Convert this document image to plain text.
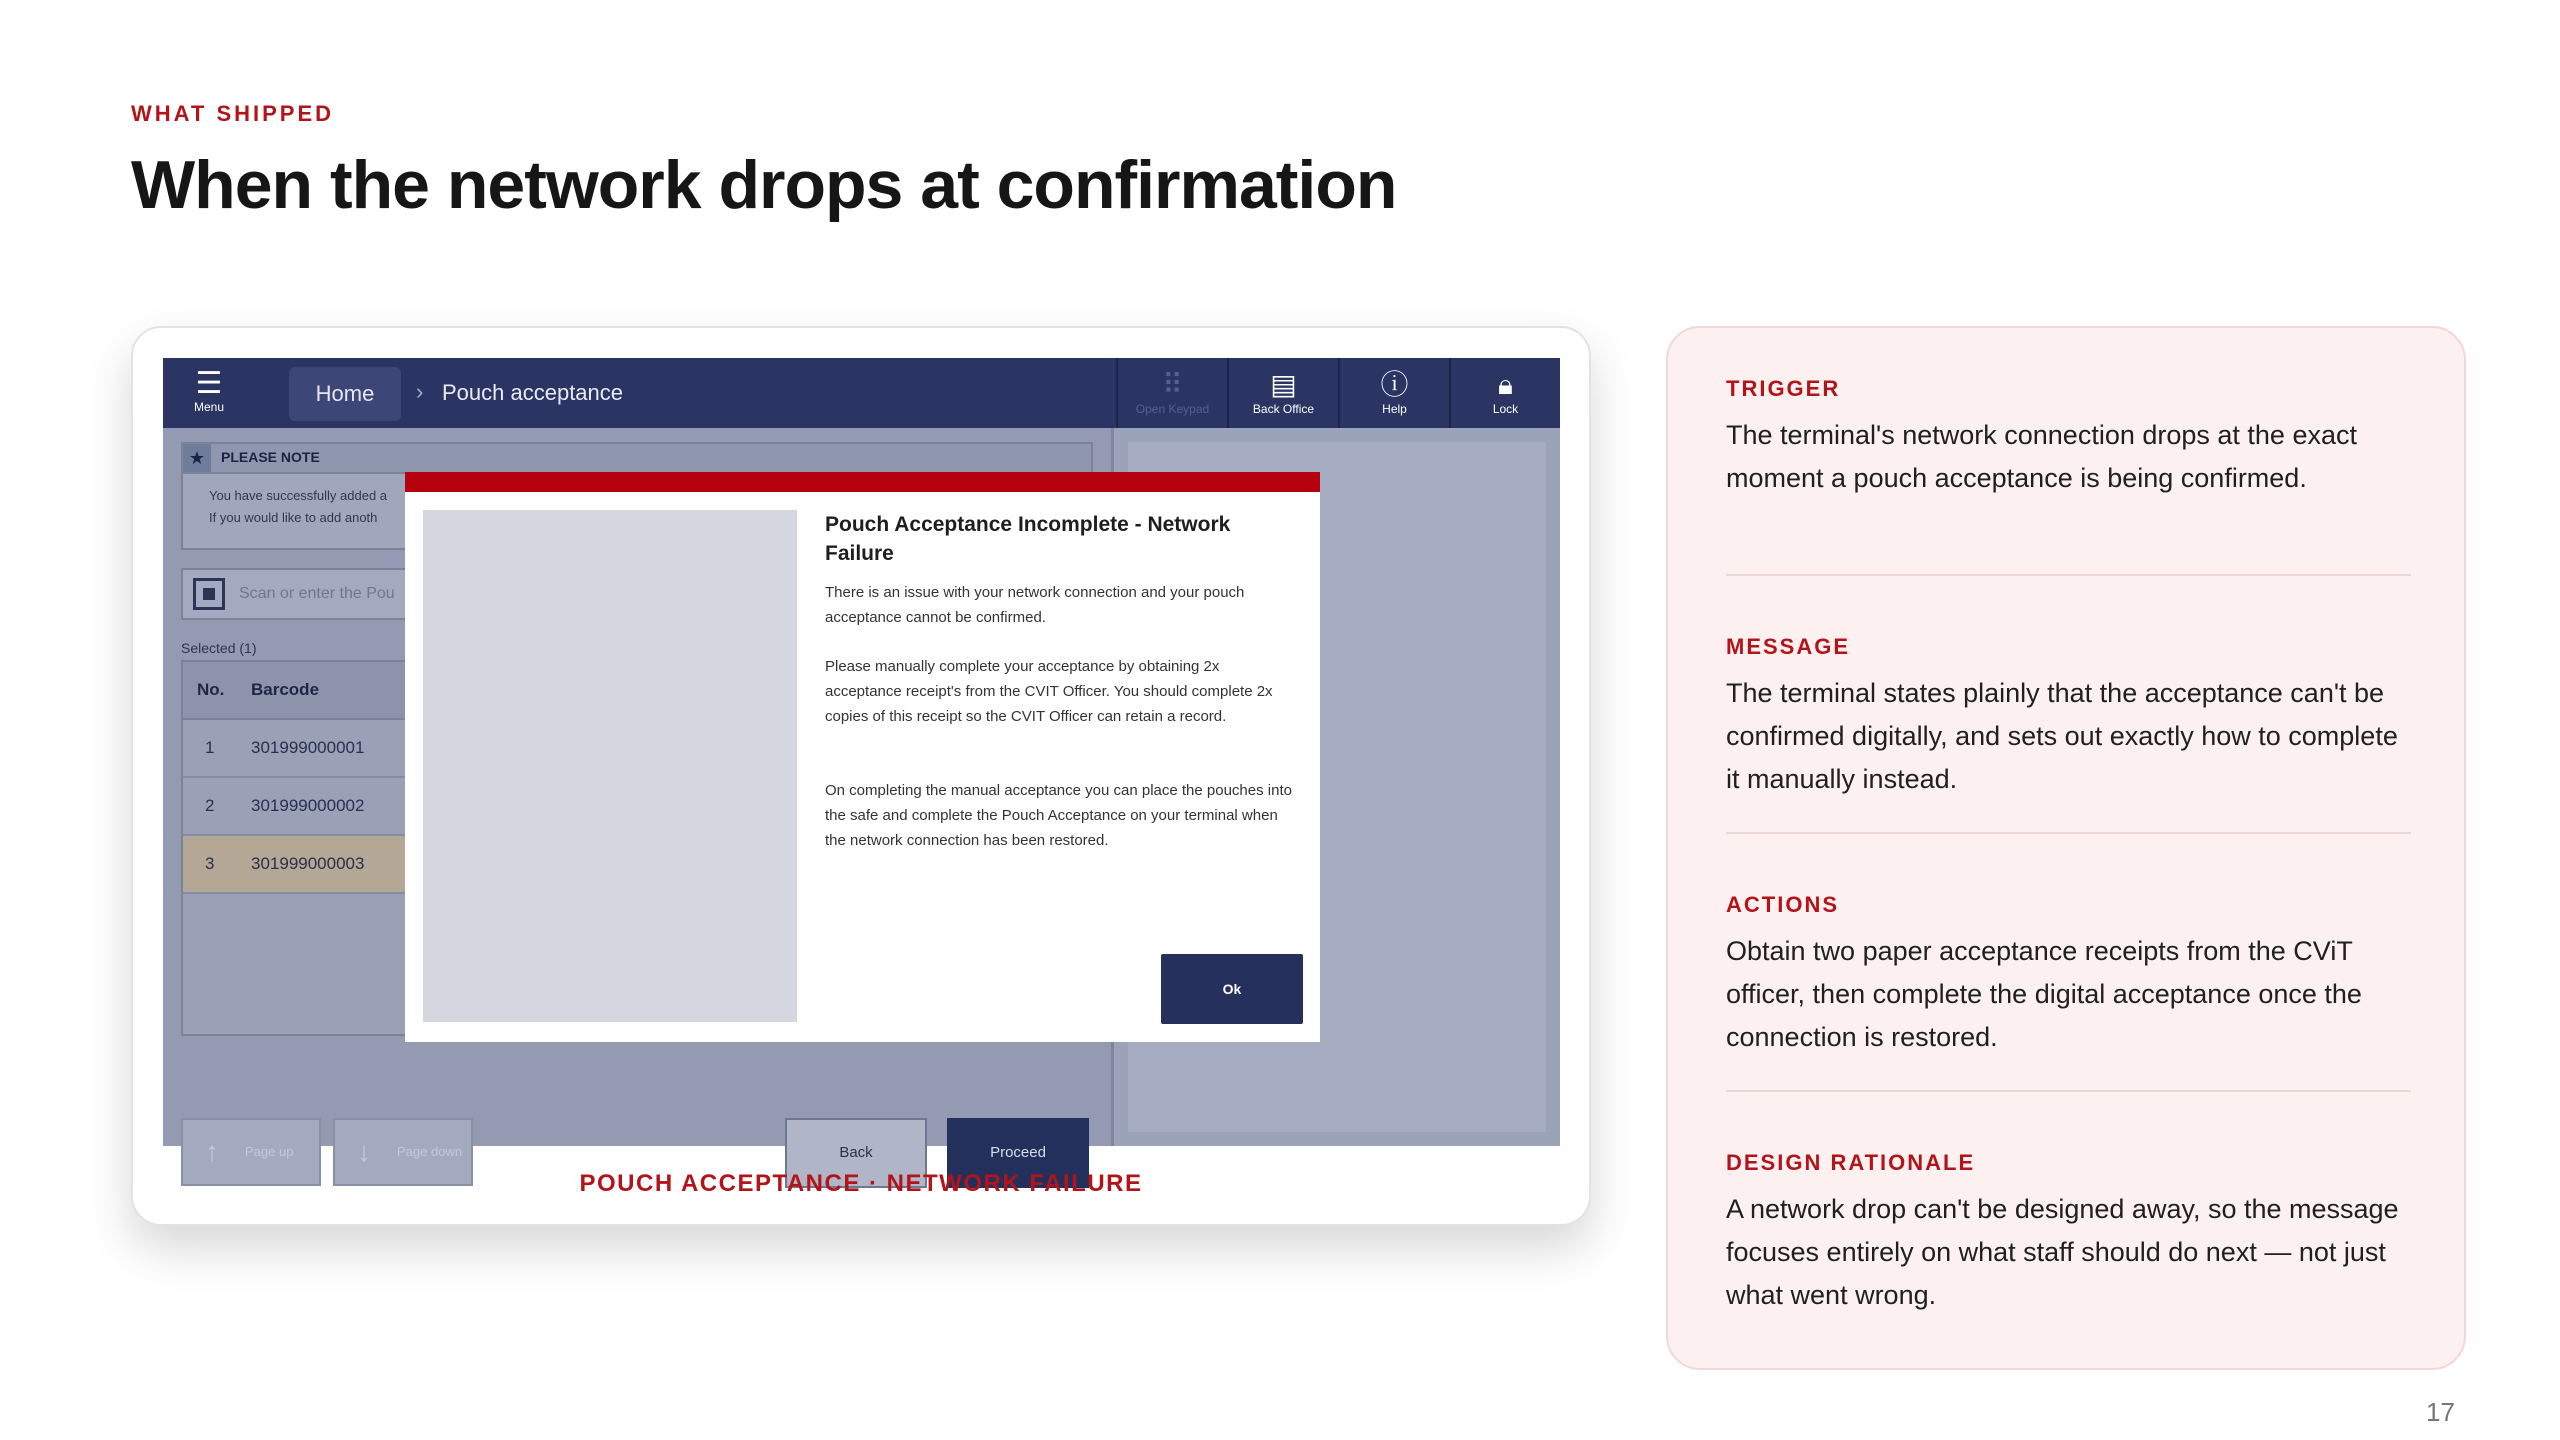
WHAT SHIPPED
When the network drops at confirmation
☰
Menu
Home	› Pouch acceptance	⠿
Open Keypad
▤
Back Office
ⓘ
Help
🔒︎
Lock
★	PLEASE NOTE
You have successfully added a
If you would like to add anoth
Scan or enter the Pou
Selected (1)
No. Barcode
1 301999000001
2 301999000002
3 301999000003
↑ Page up ↓ Page down	Back	Proceed
Pouch Acceptance Incomplete - Network Failure
There is an issue with your network connection and your pouch acceptance cannot be confirmed.
Please manually complete your acceptance by obtaining 2x acceptance receipt's from the CVIT Officer. You should complete 2x copies of this receipt so the CVIT Officer can retain a record.
On completing the manual acceptance you can place the pouches into the safe and complete the Pouch Acceptance on your terminal when the network connection has been restored.
Ok
POUCH ACCEPTANCE · NETWORK FAILURE
TRIGGER
The terminal's network connection drops at the exact moment a pouch acceptance is being confirmed.
MESSAGE
The terminal states plainly that the acceptance can't be confirmed digitally, and sets out exactly how to complete it manually instead.
ACTIONS
Obtain two paper acceptance receipts from the CViT officer, then complete the digital acceptance once the connection is restored.
DESIGN RATIONALE
A network drop can't be designed away, so the message focuses entirely on what staff should do next — not just what went wrong.
17
